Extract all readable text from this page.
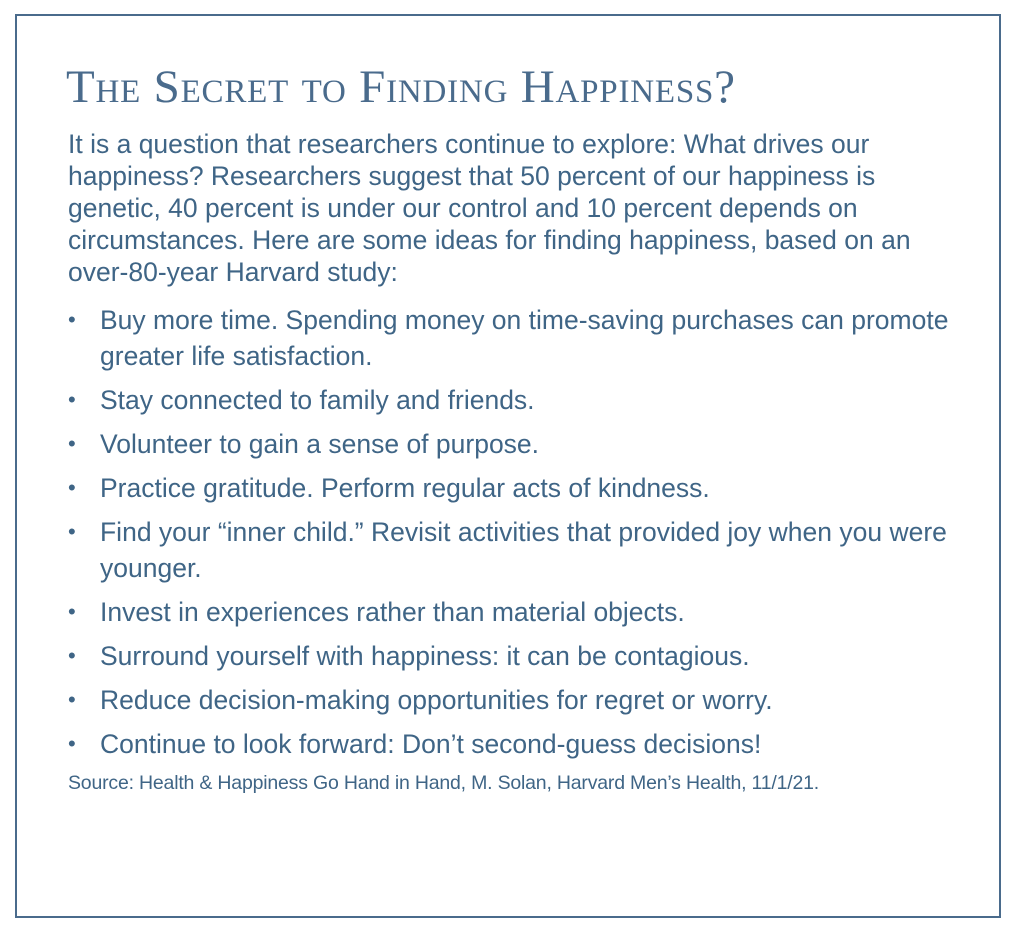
The Secret to Finding Happiness?

It is a question that researchers continue to explore: What drives our happiness? Researchers suggest that 50 percent of our happiness is genetic, 40 percent is under our control and 10 percent depends on circumstances. Here are some ideas for finding happiness, based on an over-80-year Harvard study:

• Buy more time. Spending money on time-saving purchases can promote greater life satisfaction.
• Stay connected to family and friends.
• Volunteer to gain a sense of purpose.
• Practice gratitude. Perform regular acts of kindness.
• Find your “inner child.” Revisit activities that provided joy when you were younger.
• Invest in experiences rather than material objects.
• Surround yourself with happiness: it can be contagious.
• Reduce decision-making opportunities for regret or worry.
• Continue to look forward: Don’t second-guess decisions!
Source: Health & Happiness Go Hand in Hand, M. Solan, Harvard Men’s Health, 11/1/21.
